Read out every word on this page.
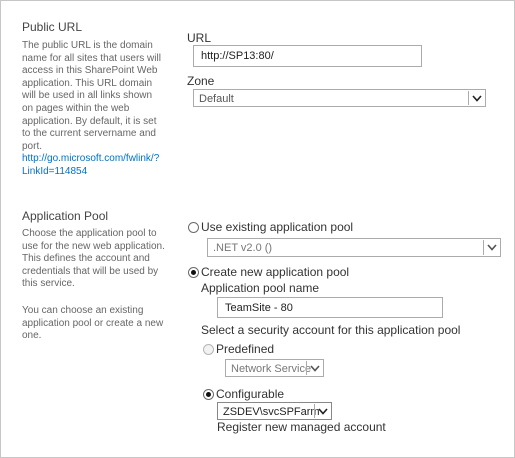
Public URL
The public URL is the domain
name for all sites that users will
access in this SharePoint Web
application. This URL domain
will be used in all links shown
on pages within the web
application. By default, it is set
to the current servername and
port.
http://go.microsoft.com/fwlink/?
LinkId=114854
URL
http://SP13:80/
Zone
Default
Application Pool
Choose the application pool to
use for the new web application.
This defines the account and
credentials that will be used by
this service.
You can choose an existing
application pool or create a new
one.
Use existing application pool
.NET v2.0 ()
Create new application pool
Application pool name
TeamSite - 80
Select a security account for this application pool
Predefined
Network Service
Configurable
ZSDEV\svcSPFarm
Register new managed account
